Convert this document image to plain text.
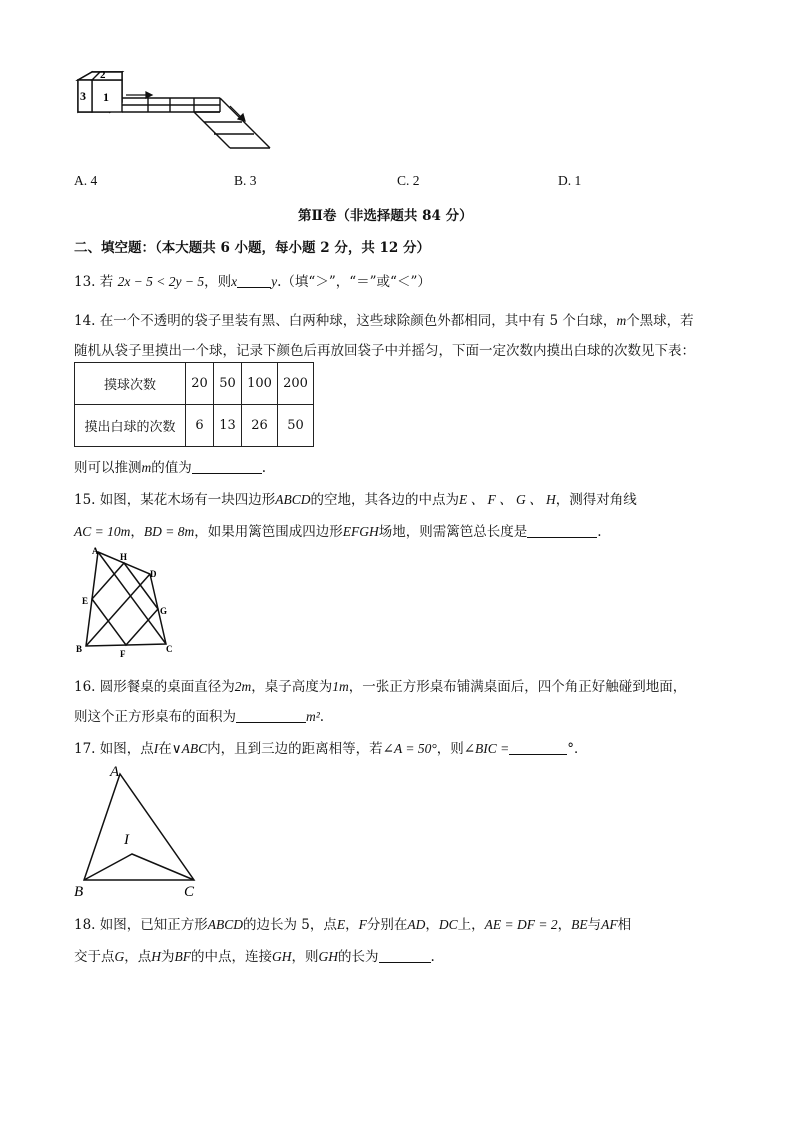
2
3 1
A. 4	B. 3	C. 2	D. 1
第Ⅱ卷（非选择题共 84 分）
二、填空题：（本大题共 6 小题，每小题 2 分，共 12 分）
13. 若 2x − 5 < 2y − 5，则x	y.（填“＞”，“＝”或“＜”）
14. 在一个不透明的袋子里装有黑、白两种球，这些球除颜色外都相同，其中有 5 个白球，m个黑球，若
随机从袋子里摸出一个球，记录下颜色后再放回袋子中并摇匀，下面一定次数内摸出白球的次数见下表：
摸球次数	20	50	100	200
摸出白球的次数	6	13	26	50
则可以推测m的值为	.
15. 如图，某花木场有一块四边形ABCD的空地，其各边的中点为E 、 F 、 G 、 H，测得对角线
AC = 10m，BD = 8m，如果用篱笆围成四边形EFGH场地，则需篱笆总长度是	.
A
H
D
E
G
B	F	C
16. 圆形餐桌的桌面直径为2m，桌子高度为1m，一张正方形桌布铺满桌面后，四个角正好触碰到地面，
则这个正方形桌布的面积为	m².
17. 如图，点I在∨ABC内，且到三边的距离相等，若∠A = 50°，则∠BIC =	°．
A
I
B	C
18. 如图，已知正方形ABCD的边长为 5，点E，F分别在AD，DC上，AE = DF = 2，BE与AF相
交于点G，点H为BF的中点，连接GH，则GH的长为	.
